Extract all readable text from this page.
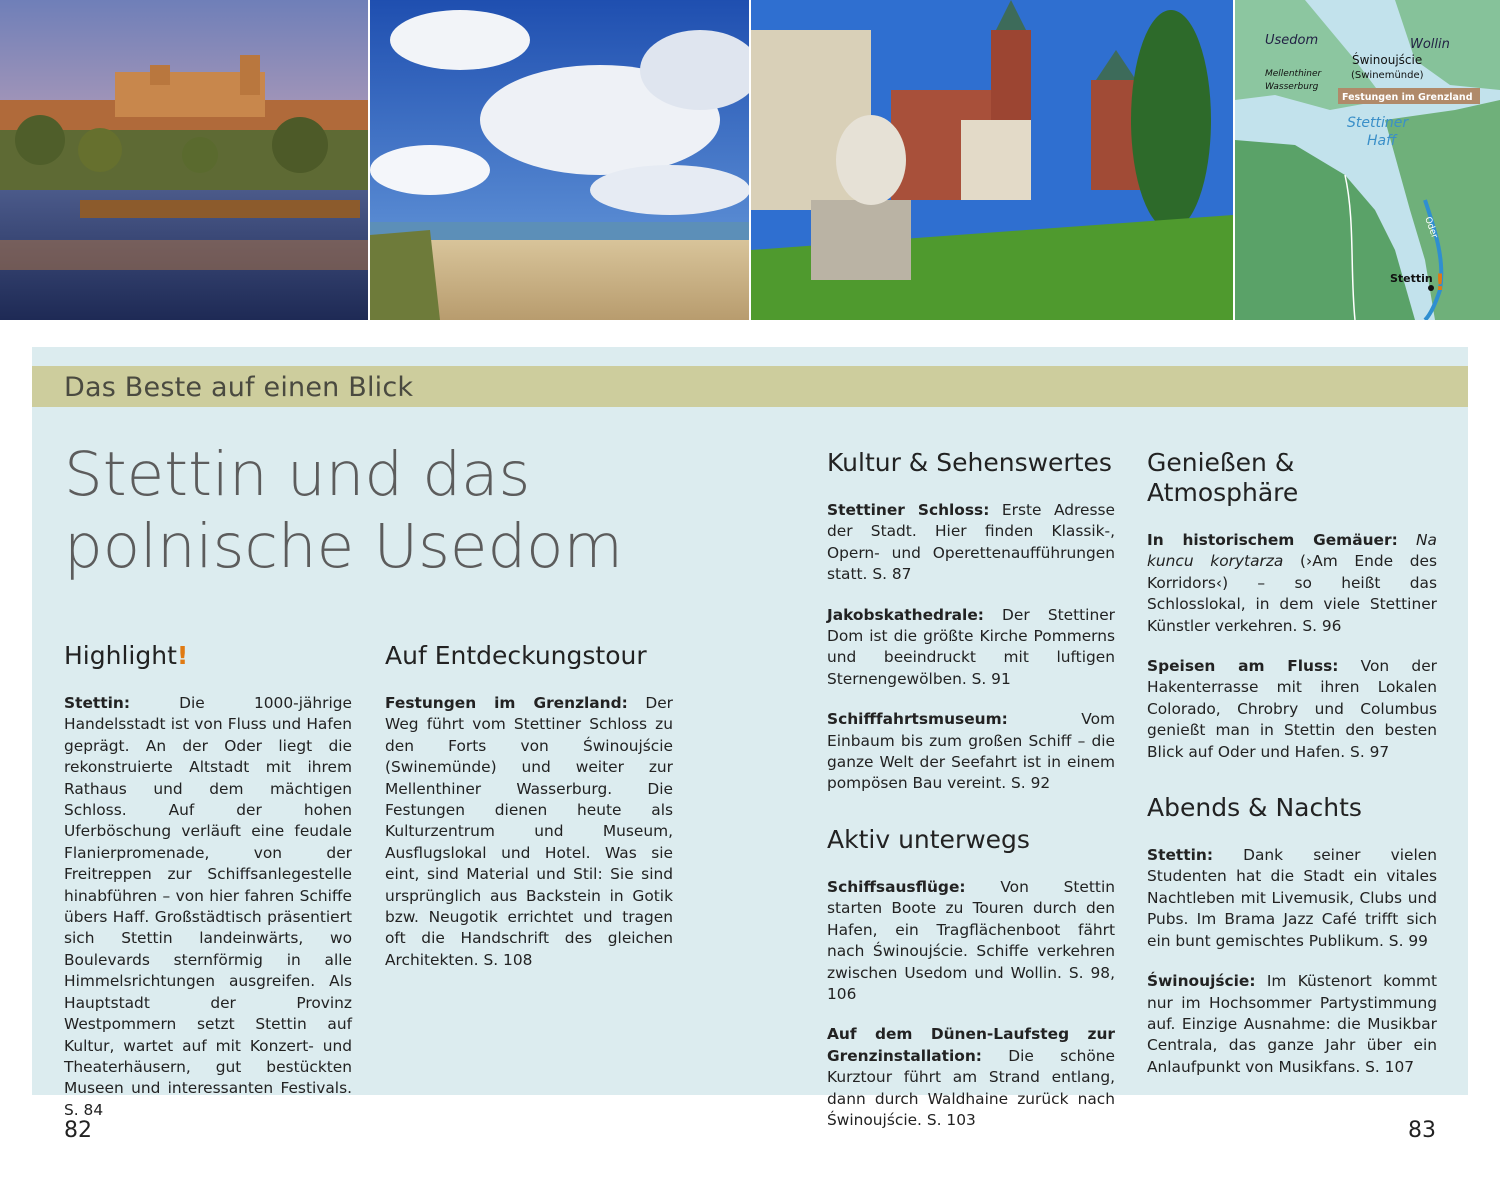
Usedom	Wollin
Świnoujście
(Swinemünde)
Mellenthiner
Wasserburg
Festungen im Grenzland
Stettiner
Haff
Oder
Stettin !
Das Beste auf einen Blick
Stettin und das
polnische Usedom
Highlight!

Stettin: Die 1000-jährige Handelsstadt ist von Fluss und Hafen geprägt. An der Oder liegt die rekonstruierte Altstadt mit ihrem Rathaus und dem mächtigen Schloss. Auf der hohen Uferböschung verläuft eine feudale Flanierpromenade, von der Freitreppen zur Schiffsanlegestelle hinabführen – von hier fahren Schiffe übers Haff. Großstädtisch präsentiert sich Stettin landeinwärts, wo Boulevards sternförmig in alle Himmelsrichtungen ausgreifen. Als Hauptstadt der Provinz Westpommern setzt Stettin auf Kultur, wartet auf mit Konzert- und Theaterhäusern, gut bestückten Museen und interessanten Festivals. S. 84

Auf Entdeckungstour

Festungen im Grenzland: Der Weg führt vom Stettiner Schloss zu den Forts von Świnoujście (Swinemünde) und weiter zur Mellenthiner Wasserburg. Die Festungen dienen heute als Kulturzentrum und Museum, Ausflugslokal und Hotel. Was sie eint, sind Material und Stil: Sie sind ursprünglich aus Backstein in Gotik bzw. Neugotik errichtet und tragen oft die Handschrift des gleichen Architekten. S. 108

Kultur & Sehenswertes

Stettiner Schloss: Erste Adresse der Stadt. Hier finden Klassik-, Opern- und Operettenaufführungen statt. S. 87

Jakobskathedrale: Der Stettiner Dom ist die größte Kirche Pommerns und beeindruckt mit luftigen Sternengewölben. S. 91

Schifffahrtsmuseum: Vom Einbaum bis zum großen Schiff – die ganze Welt der Seefahrt ist in einem pompösen Bau vereint. S. 92

Aktiv unterwegs

Schiffsausflüge: Von Stettin starten Boote zu Touren durch den Hafen, ein Tragflächenboot fährt nach Świnoujście. Schiffe verkehren zwischen Usedom und Wollin. S. 98, 106

Auf dem Dünen-Laufsteg zur Grenzinstallation: Die schöne Kurztour führt am Strand entlang, dann durch Waldhaine zurück nach Świnoujście. S. 103

Genießen & Atmosphäre

In historischem Gemäuer: Na kuncu korytarza (›Am Ende des Korridors‹) – so heißt das Schlosslokal, in dem viele Stettiner Künstler verkehren. S. 96

Speisen am Fluss: Von der Hakenterrasse mit ihren Lokalen Colorado, Chrobry und Columbus genießt man in Stettin den besten Blick auf Oder und Hafen. S. 97

Abends & Nachts

Stettin: Dank seiner vielen Studenten hat die Stadt ein vitales Nachtleben mit Livemusik, Clubs und Pubs. Im Brama Jazz Café trifft sich ein bunt gemischtes Publikum. S. 99

Świnoujście: Im Küstenort kommt nur im Hochsommer Partystimmung auf. Einzige Ausnahme: die Musikbar Centrala, das ganze Jahr über ein Anlaufpunkt von Musikfans. S. 107

82	83
